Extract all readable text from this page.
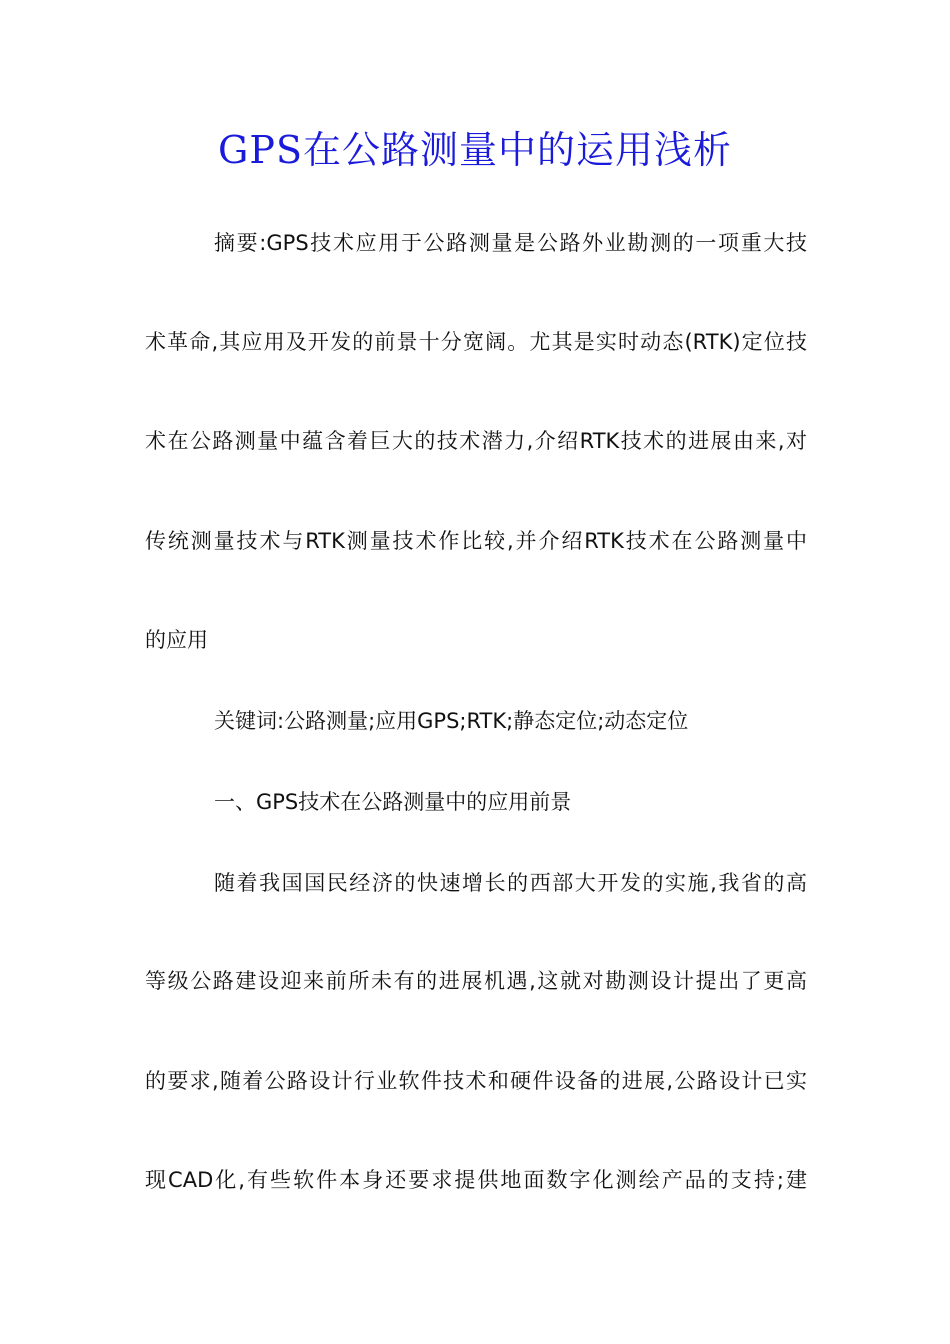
GPS在公路测量中的运用浅析
摘要:GPS技术应用于公路测量是公路外业勘测的一项重大技
术革命,其应用及开发的前景十分宽阔。尤其是实时动态(RTK)定位技
术在公路测量中蕴含着巨大的技术潜力,介绍RTK技术的进展由来,对
传统测量技术与RTK测量技术作比较,并介绍RTK技术在公路测量中
的应用
关键词:公路测量;应用GPS;RTK;静态定位;动态定位
一、GPS技术在公路测量中的应用前景
随着我国国民经济的快速增长的西部大开发的实施,我省的高
等级公路建设迎来前所未有的进展机遇,这就对勘测设计提出了更高
的要求,随着公路设计行业软件技术和硬件设备的进展,公路设计已实
现CAD化,有些软件本身还要求提供地面数字化测绘产品的支持;建
